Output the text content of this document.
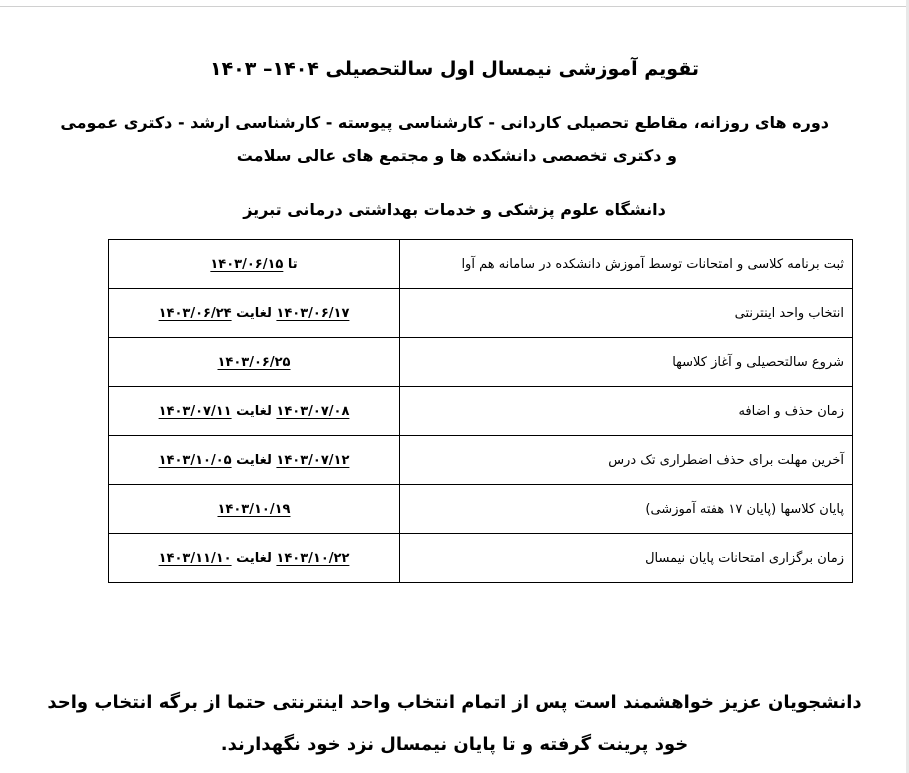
تقویم آموزشی نیمسال اول سالتحصیلی ۱۴۰۴– ۱۴۰۳
دوره های روزانه، مقاطع تحصیلی کاردانی - کارشناسی پیوسته - کارشناسی ارشد - دکتری عمومی
و دکتری تخصصی دانشکده ها و مجتمع های عالی سلامت
دانشگاه علوم پزشکی و خدمات بهداشتی درمانی تبریز
ثبت برنامه کلاسی و امتحانات توسط آموزش دانشکده در سامانه هم آوا	تا ۱۴۰۳/۰۶/۱۵
انتخاب واحد اینترنتی	۱۴۰۳/۰۶/۱۷ لغایت ۱۴۰۳/۰۶/۲۴
شروع سالتحصیلی و آغاز کلاسها	۱۴۰۳/۰۶/۲۵
زمان حذف و اضافه	۱۴۰۳/۰۷/۰۸ لغایت ۱۴۰۳/۰۷/۱۱
آخرین مهلت برای حذف اضطراری تک درس	۱۴۰۳/۰۷/۱۲ لغایت ۱۴۰۳/۱۰/۰۵
پایان کلاسها (پایان ۱۷ هفته آموزشی)	۱۴۰۳/۱۰/۱۹
زمان برگزاری امتحانات پایان نیمسال	۱۴۰۳/۱۰/۲۲ لغایت ۱۴۰۳/۱۱/۱۰
دانشجویان عزیز خواهشمند است پس از اتمام انتخاب واحد اینترنتی حتما از برگه انتخاب واحد
خود پرینت گرفته و تا پایان نیمسال نزد خود نگهدارند.
